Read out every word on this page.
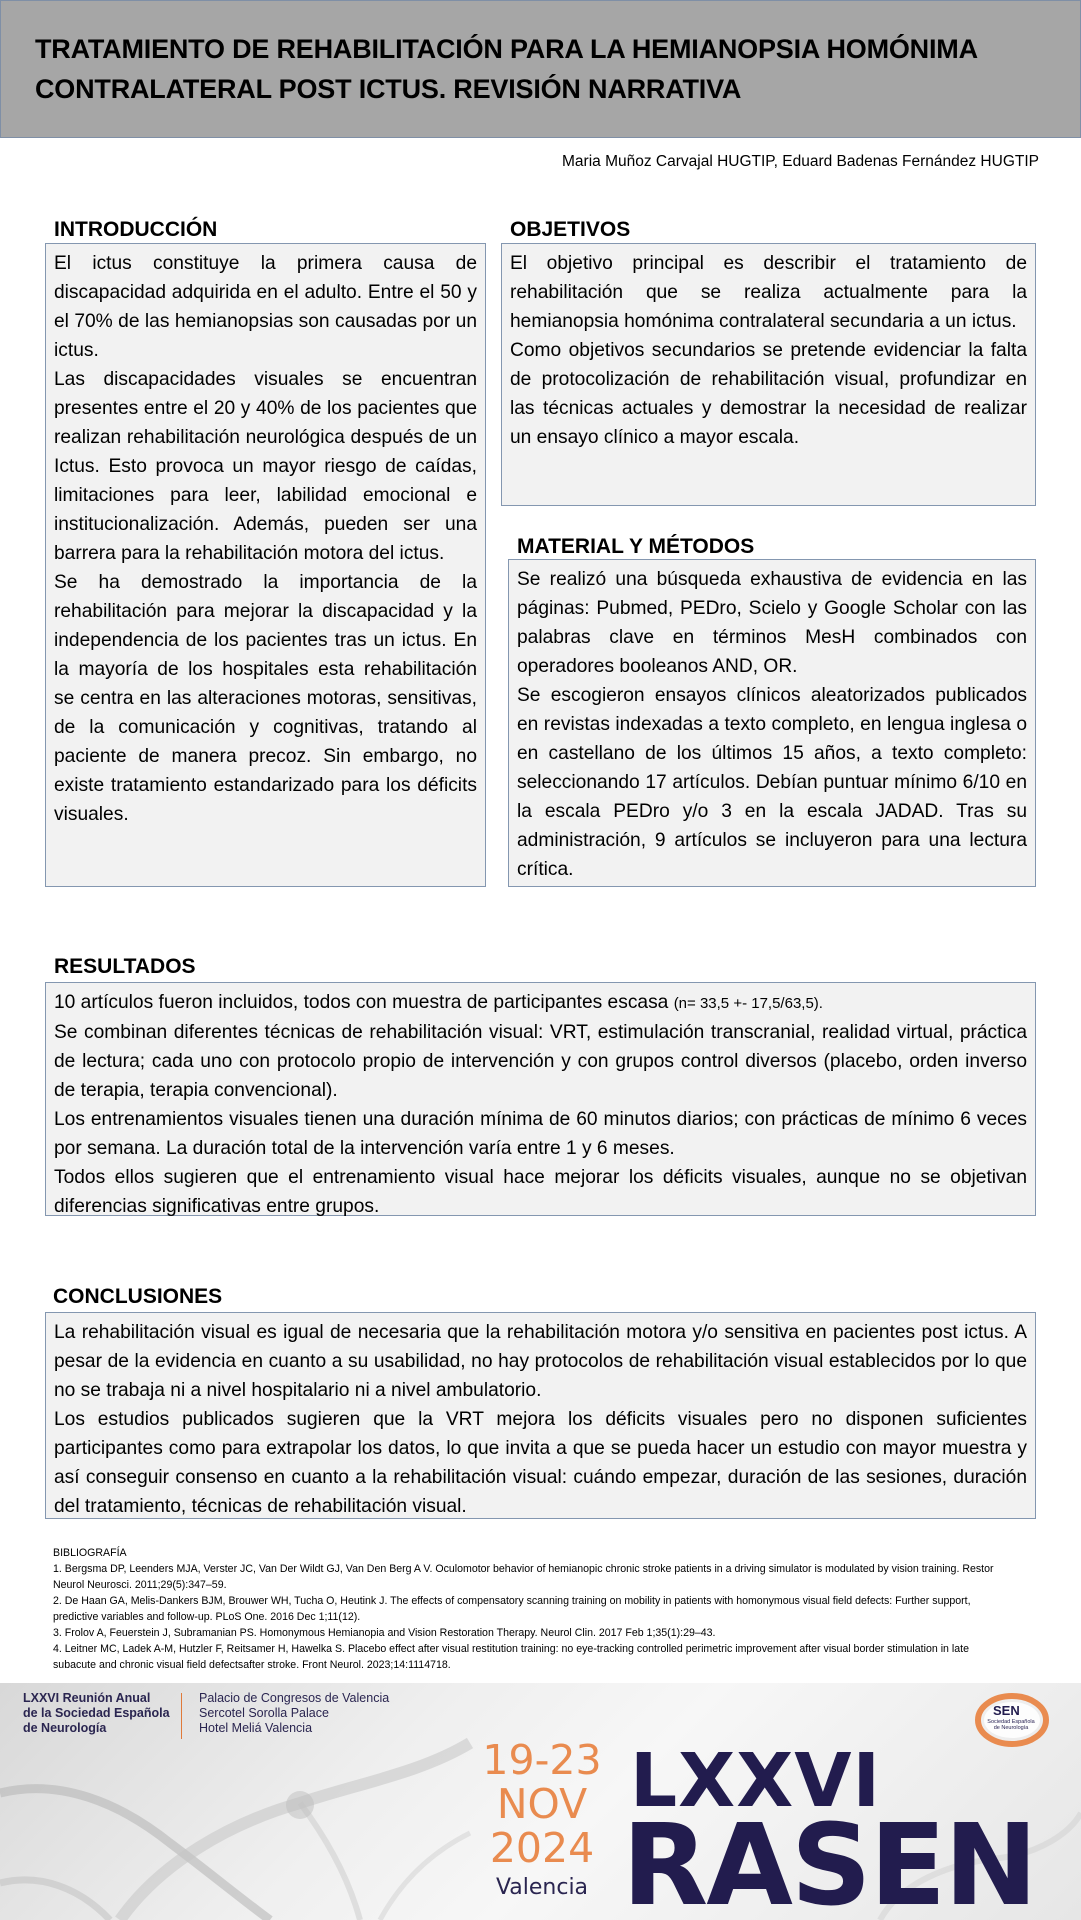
TRATAMIENTO DE REHABILITACIÓN PARA LA HEMIANOPSIA HOMÓNIMA
CONTRALATERAL POST ICTUS. REVISIÓN NARRATIVA
Maria Muñoz Carvajal HUGTIP, Eduard Badenas Fernández HUGTIP
INTRODUCCIÓN

El ictus constituye la primera causa de discapacidad adquirida en el adulto. Entre el 50 y el 70% de las hemianopsias son causadas por un ictus.

Las discapacidades visuales se encuentran presentes entre el 20 y 40% de los pacientes que realizan rehabilitación neurológica después de un Ictus. Esto provoca un mayor riesgo de caídas, limitaciones para leer, labilidad emocional e institucionalización. Además, pueden ser una barrera para la rehabilitación motora del ictus.

Se ha demostrado la importancia de la rehabilitación para mejorar la discapacidad y la independencia de los pacientes tras un ictus. En la mayoría de los hospitales esta rehabilitación se centra en las alteraciones motoras, sensitivas, de la comunicación y cognitivas, tratando al paciente de manera precoz. Sin embargo, no existe tratamiento estandarizado para los déficits visuales.

OBJETIVOS

El objetivo principal es describir el tratamiento de rehabilitación que se realiza actualmente para la hemianopsia homónima contralateral secundaria a un ictus.

Como objetivos secundarios se pretende evidenciar la falta de protocolización de rehabilitación visual, profundizar en las técnicas actuales y demostrar la necesidad de realizar un ensayo clínico a mayor escala.

MATERIAL Y MÉTODOS

Se realizó una búsqueda exhaustiva de evidencia en las páginas: Pubmed, PEDro, Scielo y Google Scholar con las palabras clave en términos MesH combinados con operadores booleanos AND, OR.

Se escogieron ensayos clínicos aleatorizados publicados en revistas indexadas a texto completo, en lengua inglesa o en castellano de los últimos 15 años, a texto completo: seleccionando 17 artículos. Debían puntuar mínimo 6/10 en la escala PEDro y/o 3 en la escala JADAD. Tras su administración, 9 artículos se incluyeron para una lectura crítica.

RESULTADOS

10 artículos fueron incluidos, todos con muestra de participantes escasa (n= 33,5 +- 17,5/63,5).

Se combinan diferentes técnicas de rehabilitación visual: VRT, estimulación transcranial, realidad virtual, práctica de lectura; cada uno con protocolo propio de intervención y con grupos control diversos (placebo, orden inverso de terapia, terapia convencional).

Los entrenamientos visuales tienen una duración mínima de 60 minutos diarios; con prácticas de mínimo 6 veces por semana. La duración total de la intervención varía entre 1 y 6 meses.

Todos ellos sugieren que el entrenamiento visual hace mejorar los déficits visuales, aunque no se objetivan diferencias significativas entre grupos.

CONCLUSIONES

La rehabilitación visual es igual de necesaria que la rehabilitación motora y/o sensitiva en pacientes post ictus. A pesar de la evidencia en cuanto a su usabilidad, no hay protocolos de rehabilitación visual establecidos por lo que no se trabaja ni a nivel hospitalario ni a nivel ambulatorio.

Los estudios publicados sugieren que la VRT mejora los déficits visuales pero no disponen suficientes participantes como para extrapolar los datos, lo que invita a que se pueda hacer un estudio con mayor muestra y así conseguir consenso en cuanto a la rehabilitación visual: cuándo empezar, duración de las sesiones, duración del tratamiento, técnicas de rehabilitación visual.

BIBLIOGRAFÍA

1. Bergsma DP, Leenders MJA, Verster JC, Van Der Wildt GJ, Van Den Berg A V. Oculomotor behavior of hemianopic chronic stroke patients in a driving simulator is modulated by vision training. Restor Neurol Neurosci. 2011;29(5):347–59.

2. De Haan GA, Melis-Dankers BJM, Brouwer WH, Tucha O, Heutink J. The effects of compensatory scanning training on mobility in patients with homonymous visual field defects: Further support, predictive variables and follow-up. PLoS One. 2016 Dec 1;11(12).

3. Frolov A, Feuerstein J, Subramanian PS. Homonymous Hemianopia and Vision Restoration Therapy. Neurol Clin. 2017 Feb 1;35(1):29–43.

4. Leitner MC, Ladek A-M, Hutzler F, Reitsamer H, Hawelka S. Placebo effect after visual restitution training: no eye-tracking controlled perimetric improvement after visual border stimulation in late subacute and chronic visual field defectsafter stroke. Front Neurol. 2023;14:1114718.

LXXVI Reunión Anual
de la Sociedad Española
de Neurología
Palacio de Congresos de Valencia
Sercotel Sorolla Palace
Hotel Meliá Valencia
19-23
NOV
2024
Valencia
LXXVI
RASEN
SEN
Sociedad Española de Neurología
